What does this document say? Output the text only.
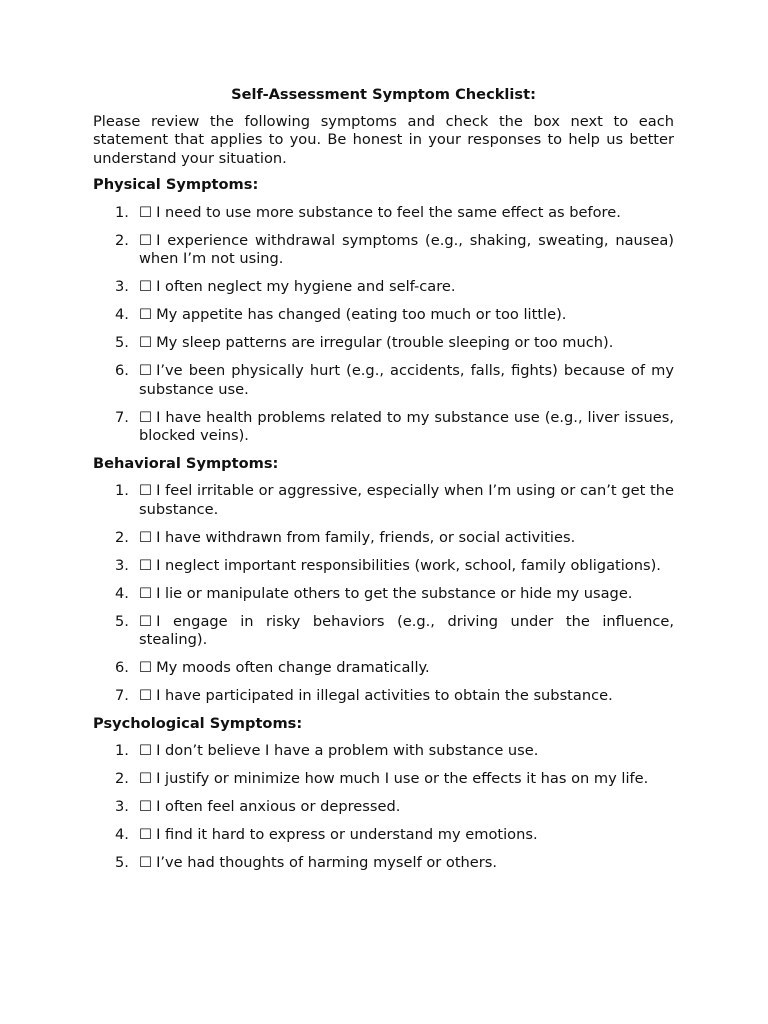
Self-Assessment Symptom Checklist:

Please review the following symptoms and check the box next to each statement that applies to you. Be honest in your responses to help us better understand your situation.

Physical Symptoms:
1. ☐ I need to use more substance to feel the same effect as before.
2. ☐ I experience withdrawal symptoms (e.g., shaking, sweating, nausea) when I’m not using.
3. ☐ I often neglect my hygiene and self-care.
4. ☐ My appetite has changed (eating too much or too little).
5. ☐ My sleep patterns are irregular (trouble sleeping or too much).
6. ☐ I’ve been physically hurt (e.g., accidents, falls, fights) because of my substance use.
7. ☐ I have health problems related to my substance use (e.g., liver issues, blocked veins).
Behavioral Symptoms:
1. ☐ I feel irritable or aggressive, especially when I’m using or can’t get the substance.
2. ☐ I have withdrawn from family, friends, or social activities.
3. ☐ I neglect important responsibilities (work, school, family obligations).
4. ☐ I lie or manipulate others to get the substance or hide my usage.
5. ☐ I engage in risky behaviors (e.g., driving under the influence, stealing).
6. ☐ My moods often change dramatically.
7. ☐ I have participated in illegal activities to obtain the substance.
Psychological Symptoms:
1. ☐ I don’t believe I have a problem with substance use.
2. ☐ I justify or minimize how much I use or the effects it has on my life.
3. ☐ I often feel anxious or depressed.
4. ☐ I find it hard to express or understand my emotions.
5. ☐ I’ve had thoughts of harming myself or others.
